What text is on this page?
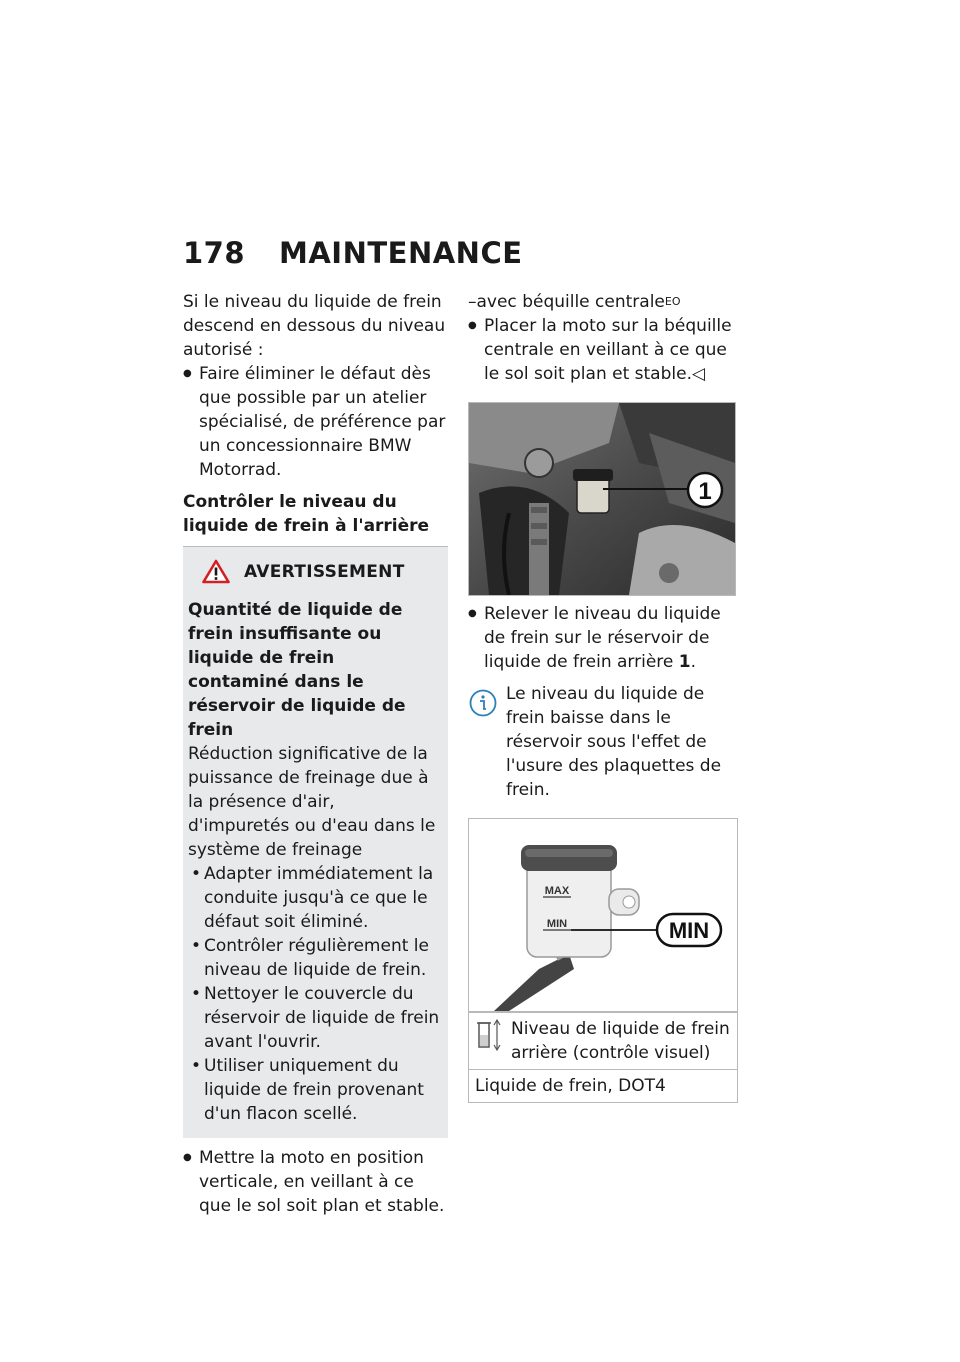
178 MAINTENANCE

Si le niveau du liquide de frein descend en dessous du niveau autorisé :

● Faire éliminer le défaut dès que possible par un atelier spécialisé, de préférence par un concessionnaire BMW Motorrad.

Contrôler le niveau du liquide de frein à l'arrière

AVERTISSEMENT

Quantité de liquide de frein insuffisante ou liquide de frein contaminé dans le réservoir de liquide de frein

Réduction significative de la puissance de freinage due à la présence d'air, d'impuretés ou d'eau dans le système de freinage

• Adapter immédiatement la conduite jusqu'à ce que le défaut soit éliminé.

• Contrôler régulièrement le niveau de liquide de frein.

• Nettoyer le couvercle du réservoir de liquide de frein avant l'ouvrir.

• Utiliser uniquement du liquide de frein provenant d'un flacon scellé.

● Mettre la moto en position verticale, en veillant à ce que le sol soit plan et stable.

–avec béquille centrale$^{EO}$

● Placer la moto sur la béquille centrale en veillant à ce que le sol soit plan et stable.◁

1

● Relever le niveau du liquide de frein sur le réservoir de liquide de frein arrière 1.

Le niveau du liquide de frein baisse dans le réservoir sous l'effet de l'usure des plaquettes de frein.

MAX
MIN	MIN
Niveau de liquide de frein arrière (contrôle visuel)
Liquide de frein, DOT4
